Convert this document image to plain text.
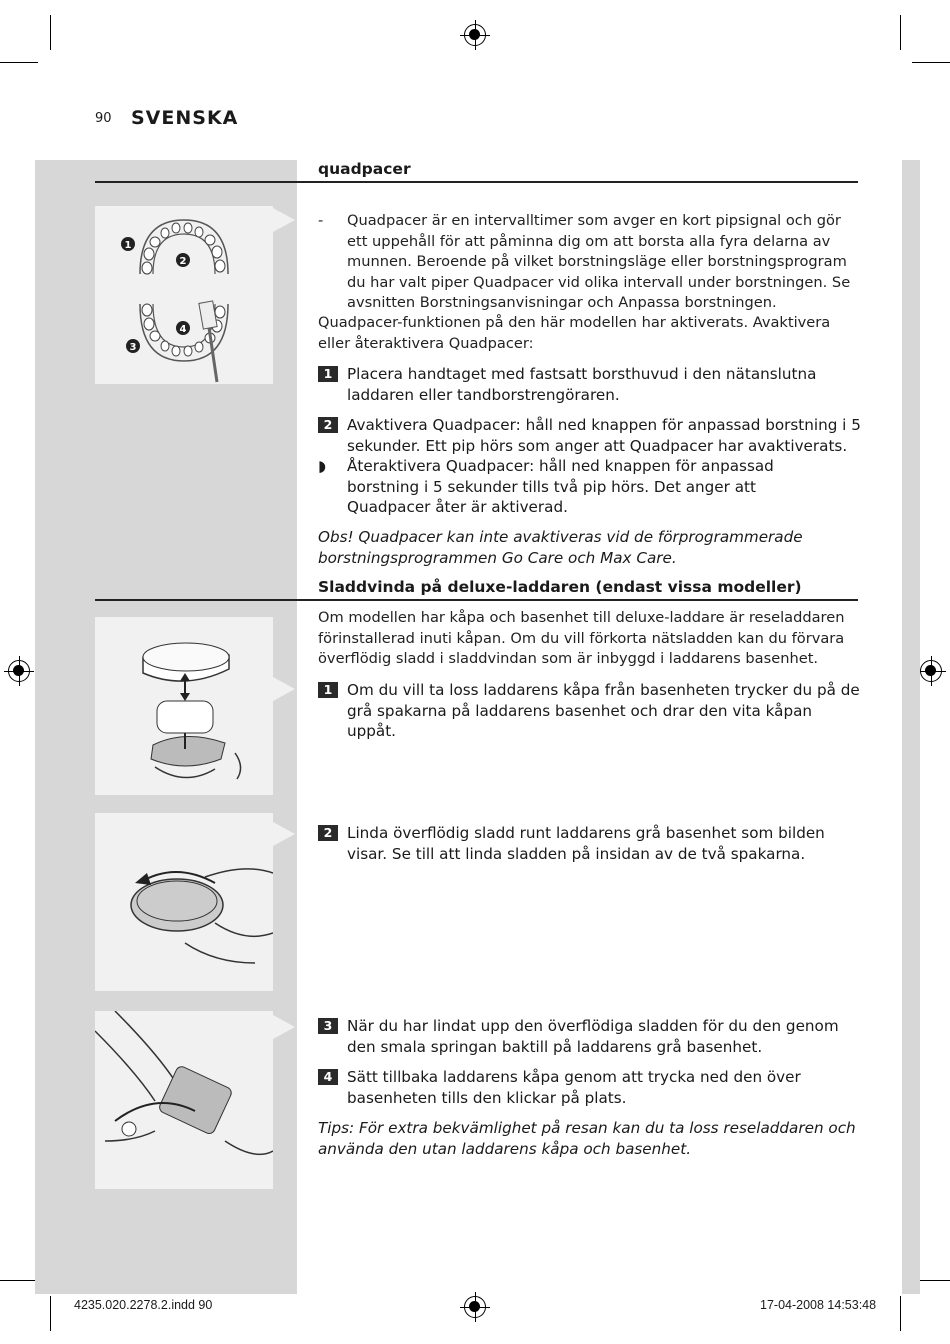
90 SVENSKA
quadpacer
1
2
3
4
- Quadpacer är en intervalltimer som avger en kort pipsignal och gör ett uppehåll för att påminna dig om att borsta alla fyra delarna av munnen. Beroende på vilket borstningsläge eller borstningsprogram du har valt piper Quadpacer vid olika intervall under borstningen. Se avsnitten Borstningsanvisningar och Anpassa borstningen.
Quadpacer-funktionen på den här modellen har aktiverats. Avaktivera eller återaktivera Quadpacer:
1 Placera handtaget med fastsatt borsthuvud i den nätanslutna laddaren eller tandborstrengöraren.
2 Avaktivera Quadpacer: håll ned knappen för anpassad borstning i 5 sekunder. Ett pip hörs som anger att Quadpacer har avaktiverats.
◗ Återaktivera Quadpacer: håll ned knappen för anpassad borstning i 5 sekunder tills två pip hörs. Det anger att Quadpacer åter är aktiverad.
Obs! Quadpacer kan inte avaktiveras vid de förprogrammerade borstningsprogrammen Go Care och Max Care.
Sladdvinda på deluxe-laddaren (endast vissa modeller)
Om modellen har kåpa och basenhet till deluxe-laddare är reseladdaren förinstallerad inuti kåpan. Om du vill förkorta nätsladden kan du förvara överflödig sladd i sladdvindan som är inbyggd i laddarens basenhet.
1 Om du vill ta loss laddarens kåpa från basenheten trycker du på de grå spakarna på laddarens basenhet och drar den vita kåpan uppåt.
2 Linda överflödig sladd runt laddarens grå basenhet som bilden visar. Se till att linda sladden på insidan av de två spakarna.
3 När du har lindat upp den överflödiga sladden för du den genom den smala springan baktill på laddarens grå basenhet.
4 Sätt tillbaka laddarens kåpa genom att trycka ned den över basenheten tills den klickar på plats.
Tips: För extra bekvämlighet på resan kan du ta loss reseladdaren och använda den utan laddarens kåpa och basenhet.
4235.020.2278.2.indd 90	17-04-2008 14:53:48
